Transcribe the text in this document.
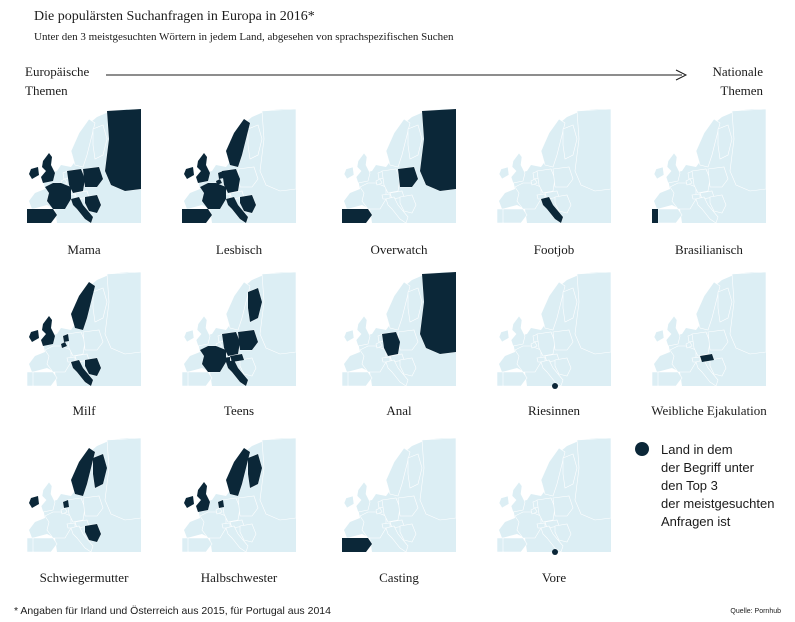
Die populärsten Suchanfragen in Europa in 2016*
Unter den 3 meistgesuchten Wörtern in jedem Land, abgesehen von sprachspezifischen Suchen
Europäische
Themen
Nationale
Themen
Mama	Lesbisch	Overwatch	Footjob	Brasilianisch
Milf	Teens	Anal	Riesinnen	Weibliche Ejakulation
Schwiegermutter	Halbschwester	Casting	Vore
Land in dem
der Begriff unter
den Top 3
der meistgesuchten
Anfragen ist
* Angaben für Irland und Österreich aus 2015, für Portugal aus 2014	Quelle: Pornhub
